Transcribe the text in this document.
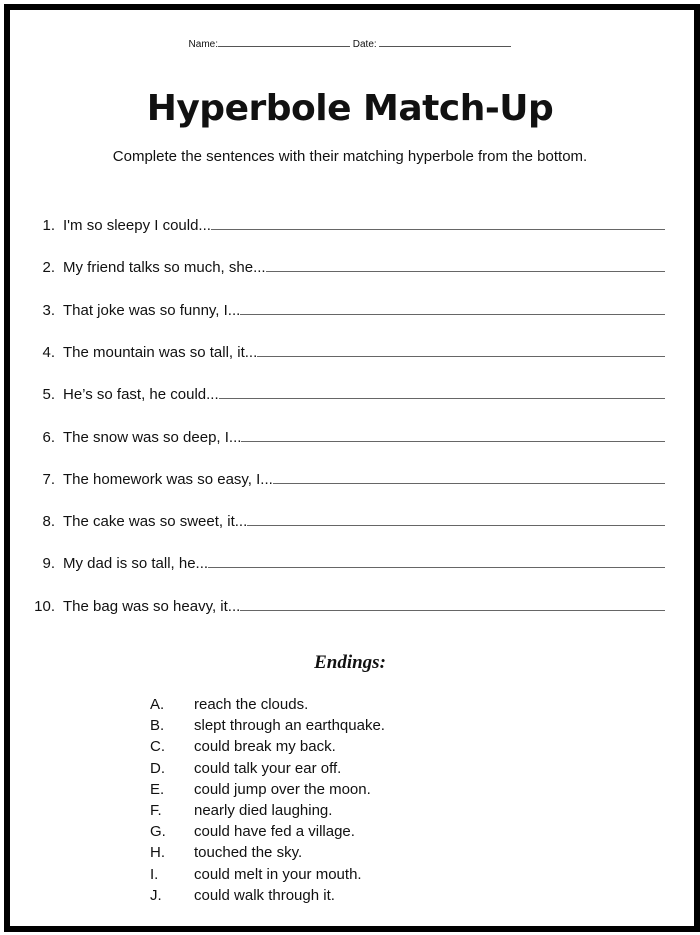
Name:	Date:
Hyperbole Match-Up
Complete the sentences with their matching hyperbole from the bottom.
1. I'm so sleepy I could...
2. My friend talks so much, she...
3. That joke was so funny, I...
4. The mountain was so tall, it...
5. He’s so fast, he could...
6. The snow was so deep, I...
7. The homework was so easy, I...
8. The cake was so sweet, it...
9. My dad is so tall, he...
10. The bag was so heavy, it...
Endings:
A. reach the clouds.
B. slept through an earthquake.
C. could break my back.
D. could talk your ear off.
E. could jump over the moon.
F. nearly died laughing.
G. could have fed a village.
H. touched the sky.
I. could melt in your mouth.
J. could walk through it.
